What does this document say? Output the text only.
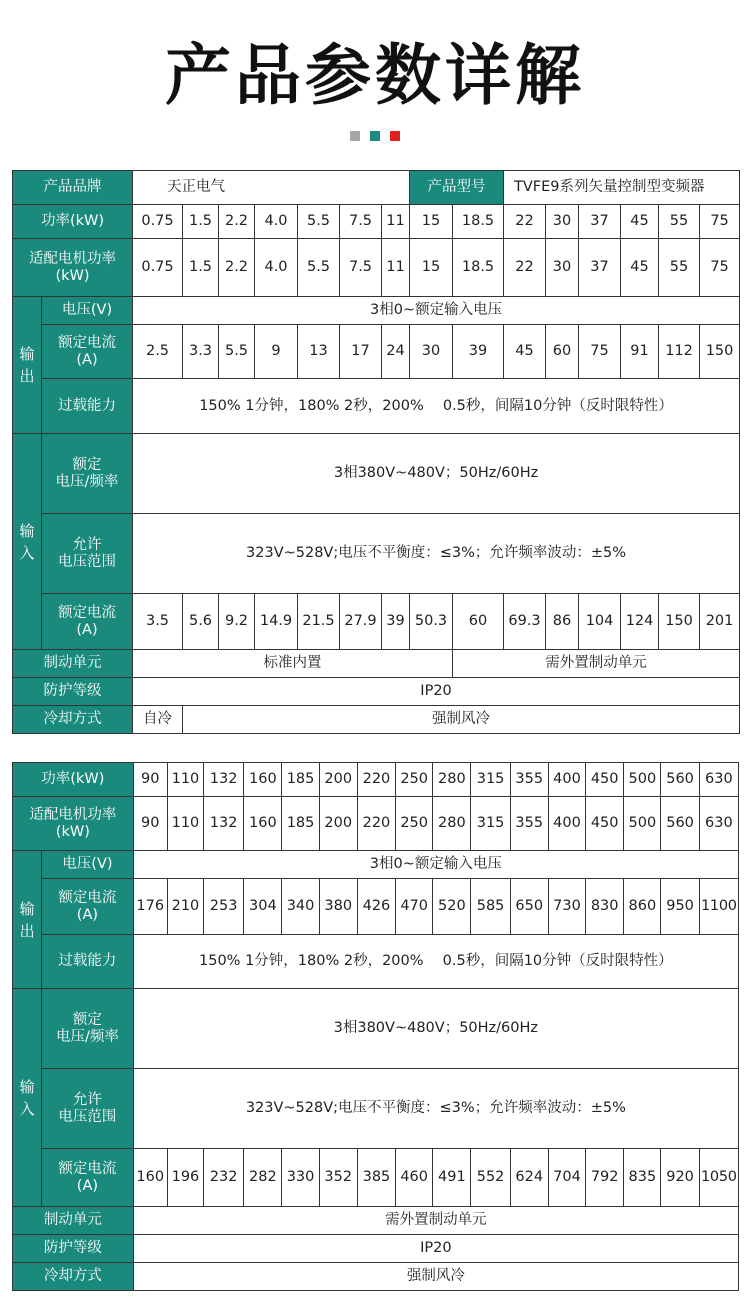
产品参数详解
产品品牌		天正电气							产品型号		TVFE9系列矢量控制型变频器					
功率(kW)		0.75	1.5	2.2	4.0	5.5	7.5	11	15	18.5	22	30	37	45	55	75
适配电机功率
(kW)		0.75	1.5	2.2	4.0	5.5	7.5	11	15	18.5	22	30	37	45	55	75
输出	电压(V)	3相0~额定输入电压														
	额定电流
(A)	2.5	3.3	5.5	9	13	17	24	30	39	45	60	75	91	112	150
	过载能力	150% 1分钟，180% 2秒，200%　 0.5秒，间隔10分钟（反时限特性）														
输入	额定
电压/频率	3相380V~480V；50Hz/60Hz														
	允许
电压范围	323V~528V;电压不平衡度：≤3%；允许频率波动：±5%														
	额定电流
(A)	3.5	5.6	9.2	14.9	21.5	27.9	39	50.3	60	69.3	86	104	124	150	201
制动单元		标准内置								需外置制动单元						
防护等级		IP20														
冷却方式		自冷	强制风冷													
功率(kW)		90	110	132	160	185	200	220	250	280	315	355	400	450	500	560	630
适配电机功率
(kW)		90	110	132	160	185	200	220	250	280	315	355	400	450	500	560	630
输出	电压(V)	3相0~额定输入电压															
	额定电流
(A)	176	210	253	304	340	380	426	470	520	585	650	730	830	860	950	1100
	过载能力	150% 1分钟，180% 2秒，200%　 0.5秒，间隔10分钟（反时限特性）															
输入	额定
电压/频率	3相380V~480V；50Hz/60Hz															
	允许
电压范围	323V~528V;电压不平衡度：≤3%；允许频率波动：±5%															
	额定电流
(A)	160	196	232	282	330	352	385	460	491	552	624	704	792	835	920	1050
制动单元		需外置制动单元															
防护等级		IP20															
冷却方式		强制风冷															
